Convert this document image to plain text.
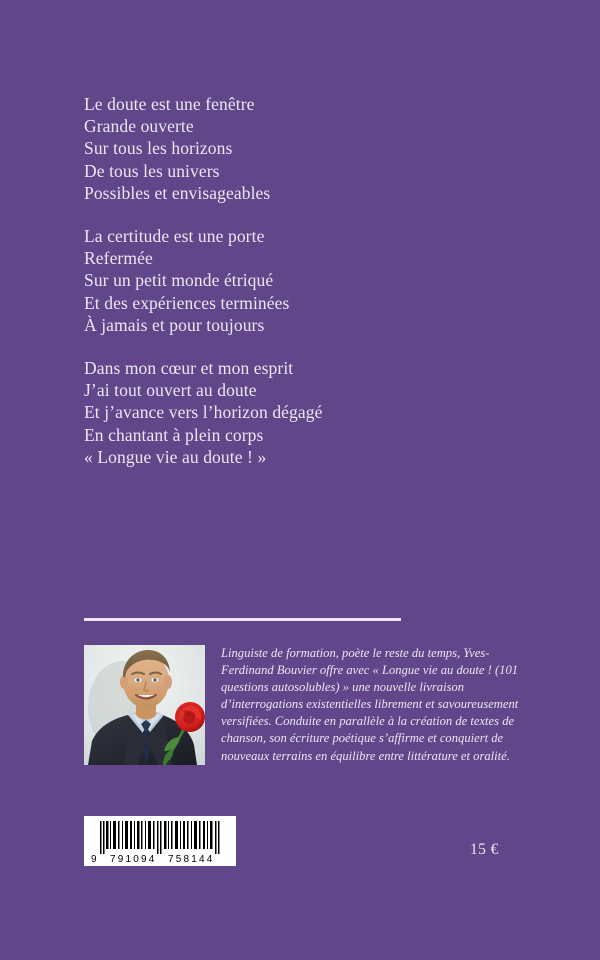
Le doute est une fenêtre
Grande ouverte
Sur tous les horizons
De tous les univers
Possibles et envisageables
La certitude est une porte
Refermée
Sur un petit monde étriqué
Et des expériences terminées
À jamais et pour toujours
Dans mon cœur et mon esprit
J’ai tout ouvert au doute
Et j’avance vers l’horizon dégagé
En chantant à plein corps
« Longue vie au doute ! »
Linguiste de formation, poète le reste du temps, Yves-Ferdinand Bouvier offre avec « Longue vie au doute ! (101 questions autosolubles) » une nouvelle livraison d’interrogations existentielles librement et savoureusement versifiées. Conduite en parallèle à la création de textes de chanson, son écriture poétique s’affirme et conquiert de nouveaux terrains en équilibre entre littérature et oralité.
9 791094 758144
15 €
